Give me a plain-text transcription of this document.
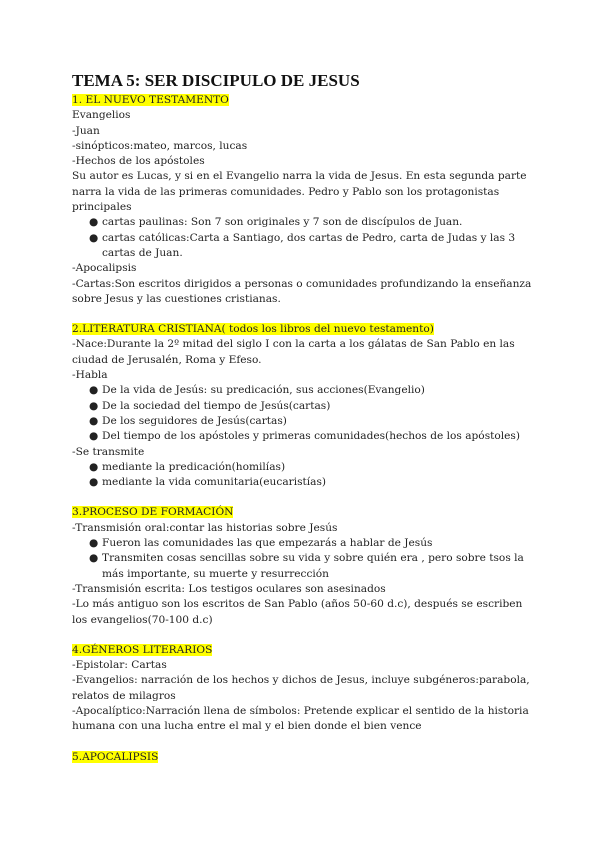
TEMA 5: SER DISCIPULO DE JESUS

1. EL NUEVO TESTAMENTO

Evangelios

-Juan

-sinópticos:mateo, marcos, lucas

-Hechos de los apóstoles

Su autor es Lucas, y si en el Evangelio narra la vida de Jesus. En esta segunda parte narra la vida de las primeras comunidades. Pedro y Pablo son los protagonistas principales

● cartas paulinas: Son 7 son originales y 7 son de discípulos de Juan.
● cartas católicas:Carta a Santiago, dos cartas de Pedro, carta de Judas y las 3 cartas de Juan.

-Apocalipsis

-Cartas:Son escritos dirigidos a personas o comunidades profundizando la enseñanza sobre Jesus y las cuestiones cristianas.

2.LITERATURA CRISTIANA( todos los libros del nuevo testamento)

-Nace:Durante la 2º mitad del siglo I con la carta a los gálatas de San Pablo en las ciudad de Jerusalén, Roma y Efeso.

-Habla

● De la vida de Jesús: su predicación, sus acciones(Evangelio)
● De la sociedad del tiempo de Jesús(cartas)
● De los seguidores de Jesús(cartas)
● Del tiempo de los apóstoles y primeras comunidades(hechos de los apóstoles)

-Se transmite

● mediante la predicación(homilías)
● mediante la vida comunitaria(eucaristías)

3.PROCESO DE FORMACIÓN

-Transmisión oral:contar las historias sobre Jesús

● Fueron las comunidades las que empezarás a hablar de Jesús
● Transmiten cosas sencillas sobre su vida y sobre quién era , pero sobre tsos la más importante, su muerte y resurrección

-Transmisión escrita: Los testigos oculares son asesinados

-Lo más antiguo son los escritos de San Pablo (años 50-60 d.c), después se escriben los evangelios(70-100 d.c)

4.GÉNEROS LITERARIOS

-Epistolar: Cartas

-Evangelios: narración de los hechos y dichos de Jesus, incluye subgéneros:parabola, relatos de milagros

-Apocalíptico:Narración llena de símbolos: Pretende explicar el sentido de la historia humana con una lucha entre el mal y el bien donde el bien vence

5.APOCALIPSIS
